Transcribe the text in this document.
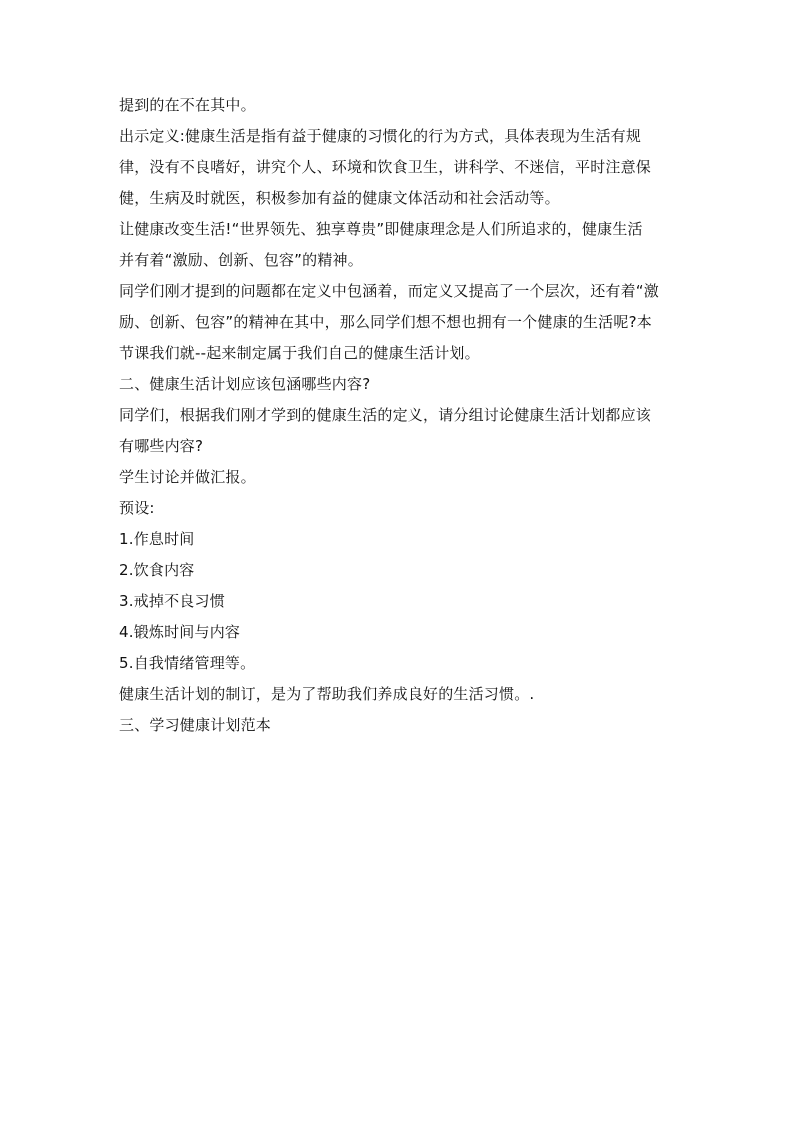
提到的在不在其中。
出示定义:健康生活是指有益于健康的习惯化的行为方式，具体表现为生活有规
律，没有不良嗜好，讲究个人、环境和饮食卫生，讲科学、不迷信，平时注意保
健，生病及时就医，积极参加有益的健康文体活动和社会活动等。
让健康改变生活!“世界领先、独享尊贵”即健康理念是人们所追求的，健康生活
并有着“激励、创新、包容”的精神。
同学们刚才提到的问题都在定义中包涵着，而定义又提高了一个层次，还有着“激
励、创新、包容”的精神在其中，那么同学们想不想也拥有一个健康的生活呢?本
节课我们就--起来制定属于我们自己的健康生活计划。
二、健康生活计划应该包涵哪些内容?
同学们，根据我们刚才学到的健康生活的定义，请分组讨论健康生活计划都应该
有哪些内容?
学生讨论并做汇报。
预设:
1.作息时间
2.饮食内容
3.戒掉不良习惯
4.锻炼时间与内容
5.自我情绪管理等。
健康生活计划的制订，是为了帮助我们养成良好的生活习惯。.
三、学习健康计划范本
